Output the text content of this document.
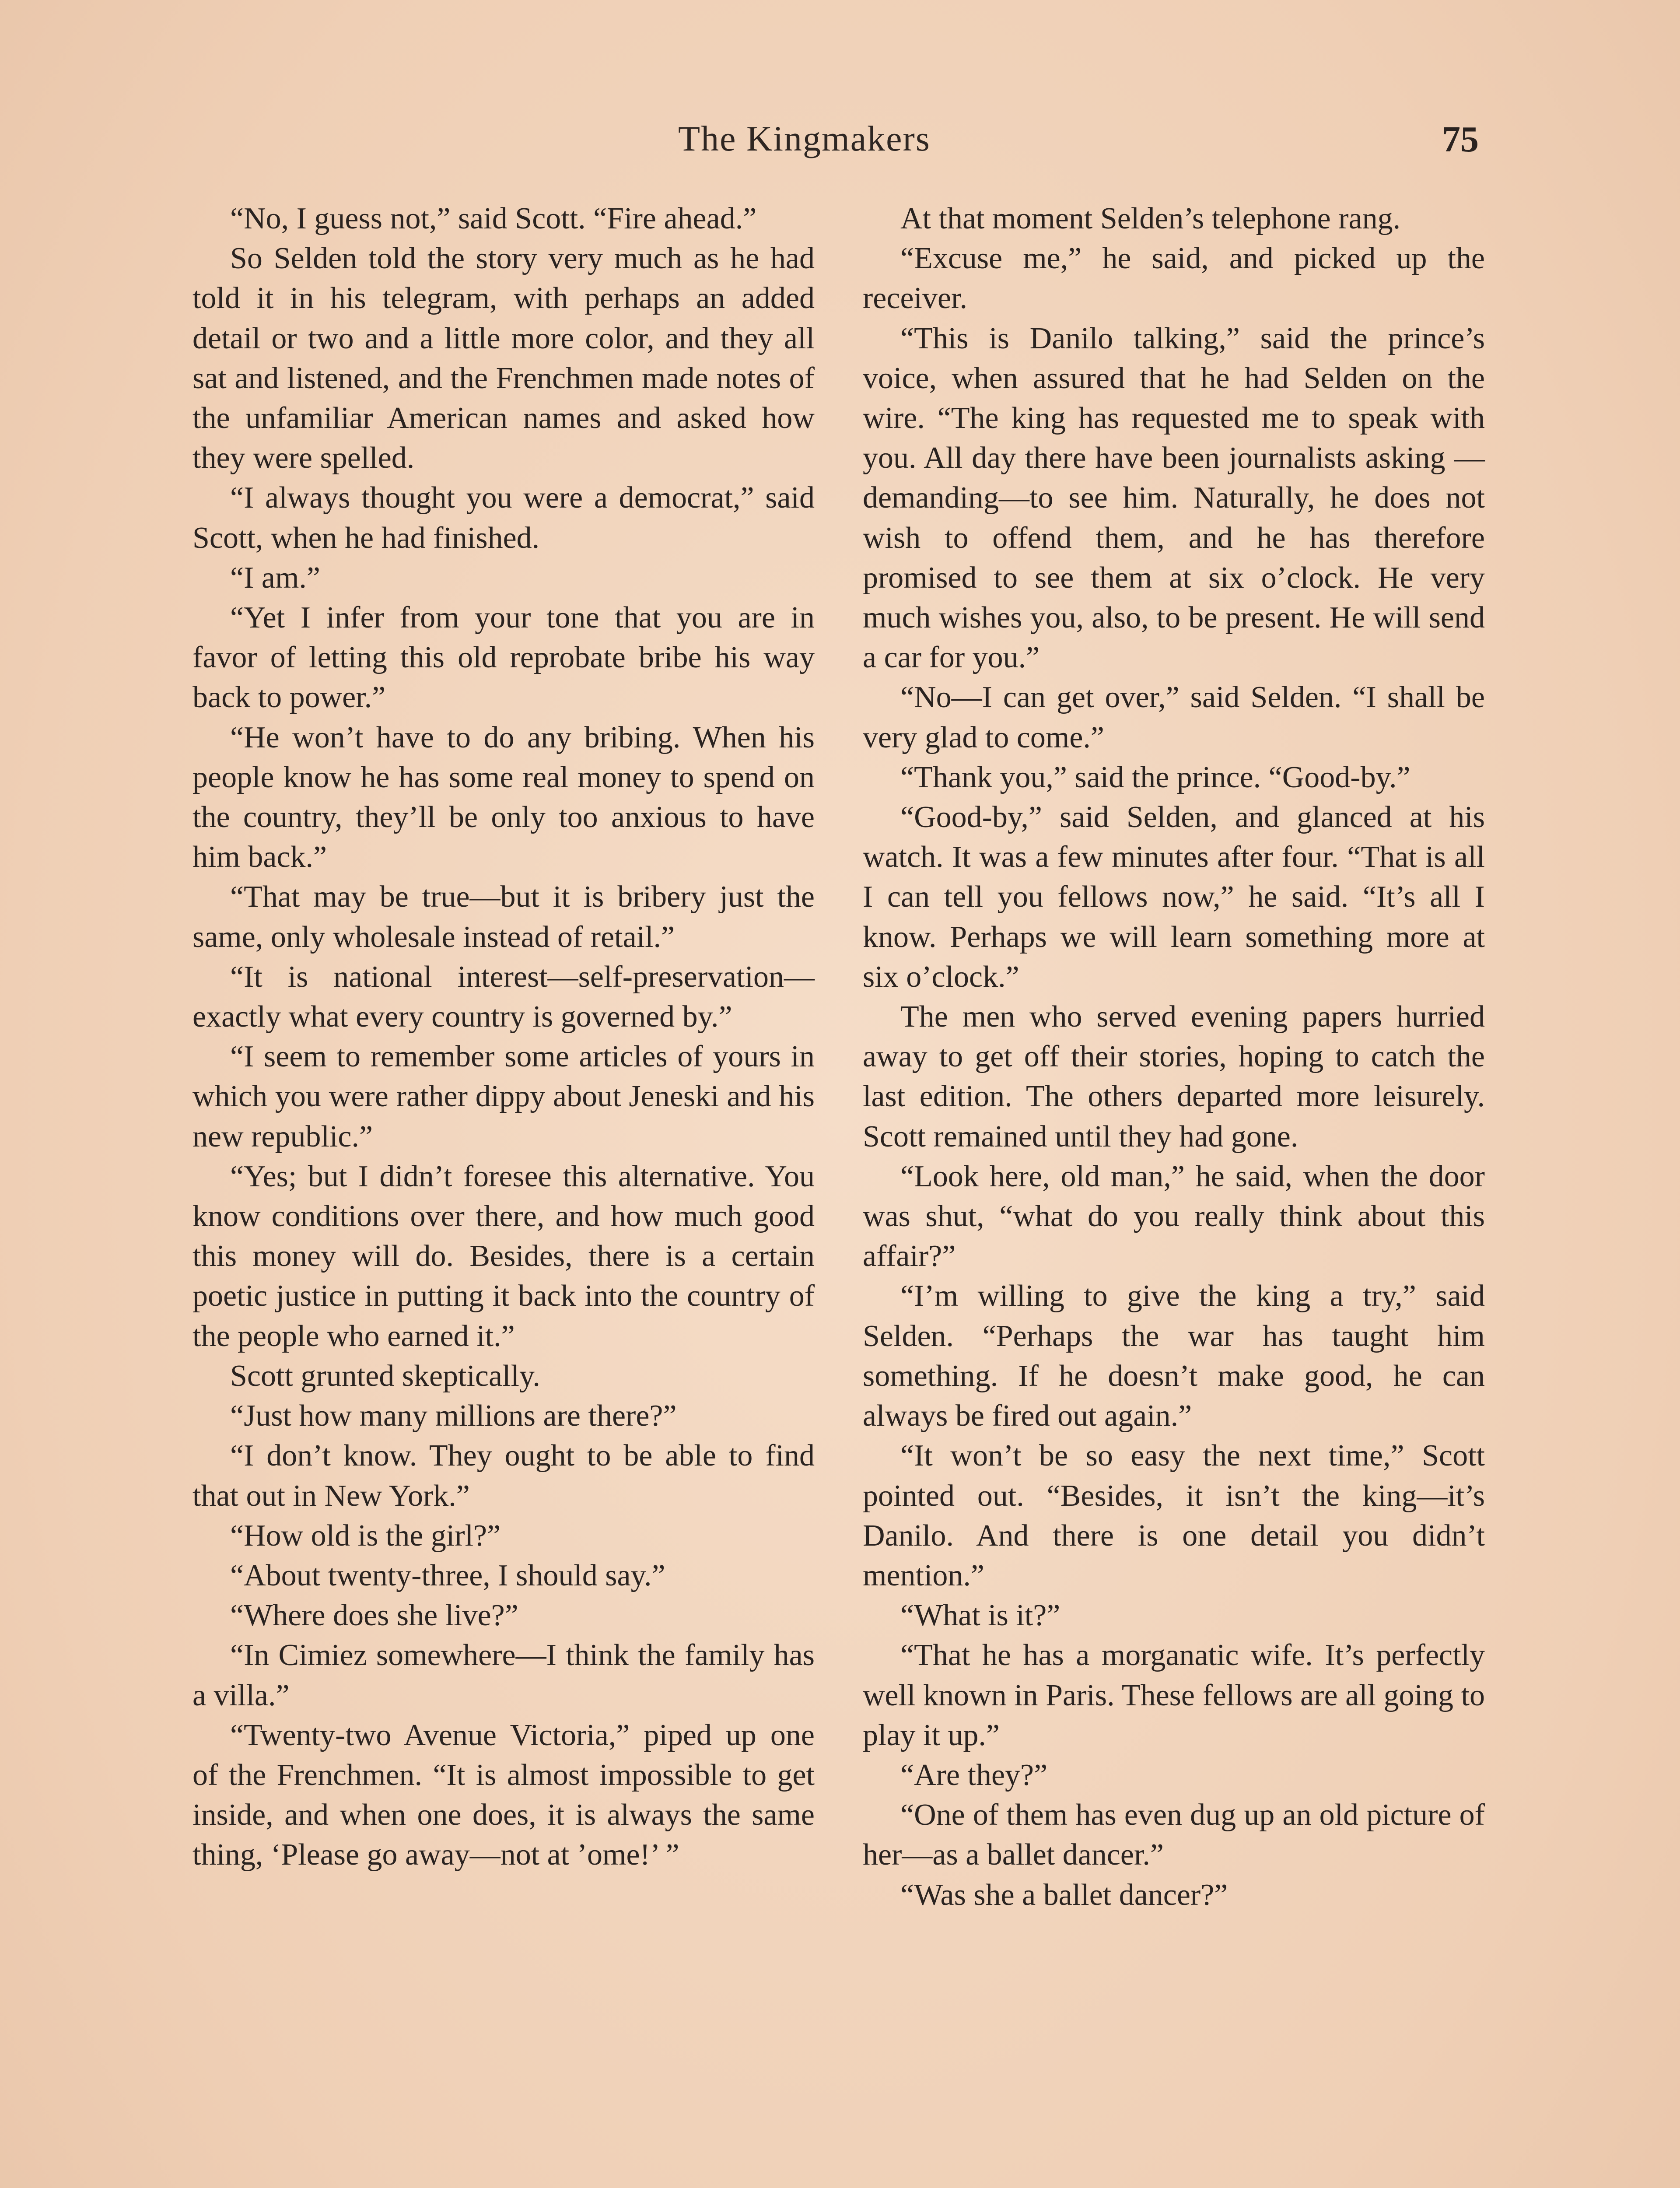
The Kingmakers	75

“No, I guess not,” said Scott. “Fire ahead.”

So Selden told the story very much as he had told it in his telegram, with perhaps an added detail or two and a little more color, and they all sat and listened, and the Frenchmen made notes of the unfamiliar American names and asked how they were spelled.

“I always thought you were a democrat,” said Scott, when he had finished.

“I am.”

“Yet I infer from your tone that you are in favor of letting this old reprobate bribe his way back to power.”

“He won’t have to do any bribing. When his people know he has some real money to spend on the country, they’ll be only too anxious to have him back.”

“That may be true—but it is bribery just the same, only wholesale instead of retail.”

“It is national interest—self-preservation—exactly what every country is governed by.”

“I seem to remember some articles of yours in which you were rather dippy about Jeneski and his new republic.”

“Yes; but I didn’t foresee this alternative. You know conditions over there, and how much good this money will do. Besides, there is a certain poetic justice in putting it back into the country of the people who earned it.”

Scott grunted skeptically.

“Just how many millions are there?”

“I don’t know. They ought to be able to find that out in New York.”

“How old is the girl?”

“About twenty-three, I should say.”

“Where does she live?”

“In Cimiez somewhere—I think the family has a villa.”

“Twenty-two Avenue Victoria,” piped up one of the Frenchmen. “It is almost impossible to get inside, and when one does, it is always the same thing, ‘Please go away—not at ’ome!’ ”

At that moment Selden’s telephone rang.

“Excuse me,” he said, and picked up the receiver.

“This is Danilo talking,” said the prince’s voice, when assured that he had Selden on the wire. “The king has requested me to speak with you. All day there have been journalists asking —demanding—to see him. Naturally, he does not wish to offend them, and he has therefore promised to see them at six o’clock. He very much wishes you, also, to be present. He will send a car for you.”

“No—I can get over,” said Selden. “I shall be very glad to come.”

“Thank you,” said the prince. “Good-by.”

“Good-by,” said Selden, and glanced at his watch. It was a few minutes after four. “That is all I can tell you fellows now,” he said. “It’s all I know. Perhaps we will learn something more at six o’clock.”

The men who served evening papers hurried away to get off their stories, hoping to catch the last edition. The others departed more leisurely. Scott remained until they had gone.

“Look here, old man,” he said, when the door was shut, “what do you really think about this affair?”

“I’m willing to give the king a try,” said Selden. “Perhaps the war has taught him something. If he doesn’t make good, he can always be fired out again.”

“It won’t be so easy the next time,” Scott pointed out. “Besides, it isn’t the king—it’s Danilo. And there is one detail you didn’t mention.”

“What is it?”

“That he has a morganatic wife. It’s perfectly well known in Paris. These fellows are all going to play it up.”

“Are they?”

“One of them has even dug up an old picture of her—as a ballet dancer.”

“Was she a ballet dancer?”
